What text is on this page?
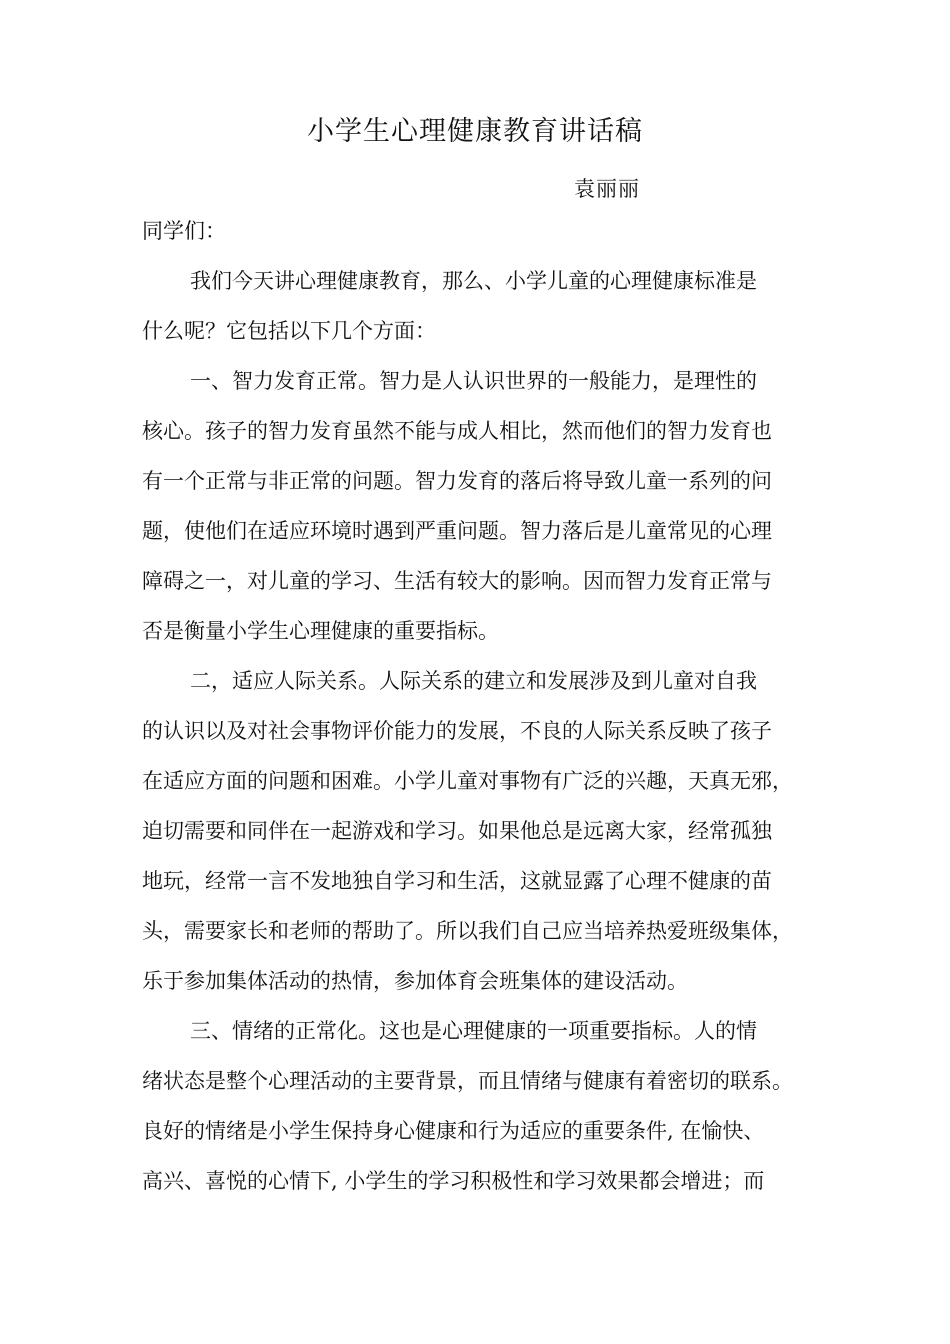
小学生心理健康教育讲话稿
袁丽丽
同学们：
我们今天讲心理健康教育，那么、小学儿童的心理健康标准是
什么呢？它包括以下几个方面：
一、智力发育正常。智力是人认识世界的一般能力，是理性的
核心。孩子的智力发育虽然不能与成人相比，然而他们的智力发育也
有一个正常与非正常的问题。智力发育的落后将导致儿童一系列的问
题，使他们在适应环境时遇到严重问题。智力落后是儿童常见的心理
障碍之一，对儿童的学习、生活有较大的影响。因而智力发育正常与
否是衡量小学生心理健康的重要指标。
二，适应人际关系。人际关系的建立和发展涉及到儿童对自我
的认识以及对社会事物评价能力的发展，不良的人际关系反映了孩子
在适应方面的问题和困难。小学儿童对事物有广泛的兴趣，天真无邪，
迫切需要和同伴在一起游戏和学习。如果他总是远离大家，经常孤独
地玩，经常一言不发地独自学习和生活，这就显露了心理不健康的苗
头，需要家长和老师的帮助了。所以我们自己应当培养热爱班级集体，
乐于参加集体活动的热情，参加体育会班集体的建设活动。
三、情绪的正常化。这也是心理健康的一项重要指标。人的情
绪状态是整个心理活动的主要背景，而且情绪与健康有着密切的联系。
良好的情绪是小学生保持身心健康和行为适应的重要条件, 在愉快、
高兴、喜悦的心情下, 小学生的学习积极性和学习效果都会增进；而
